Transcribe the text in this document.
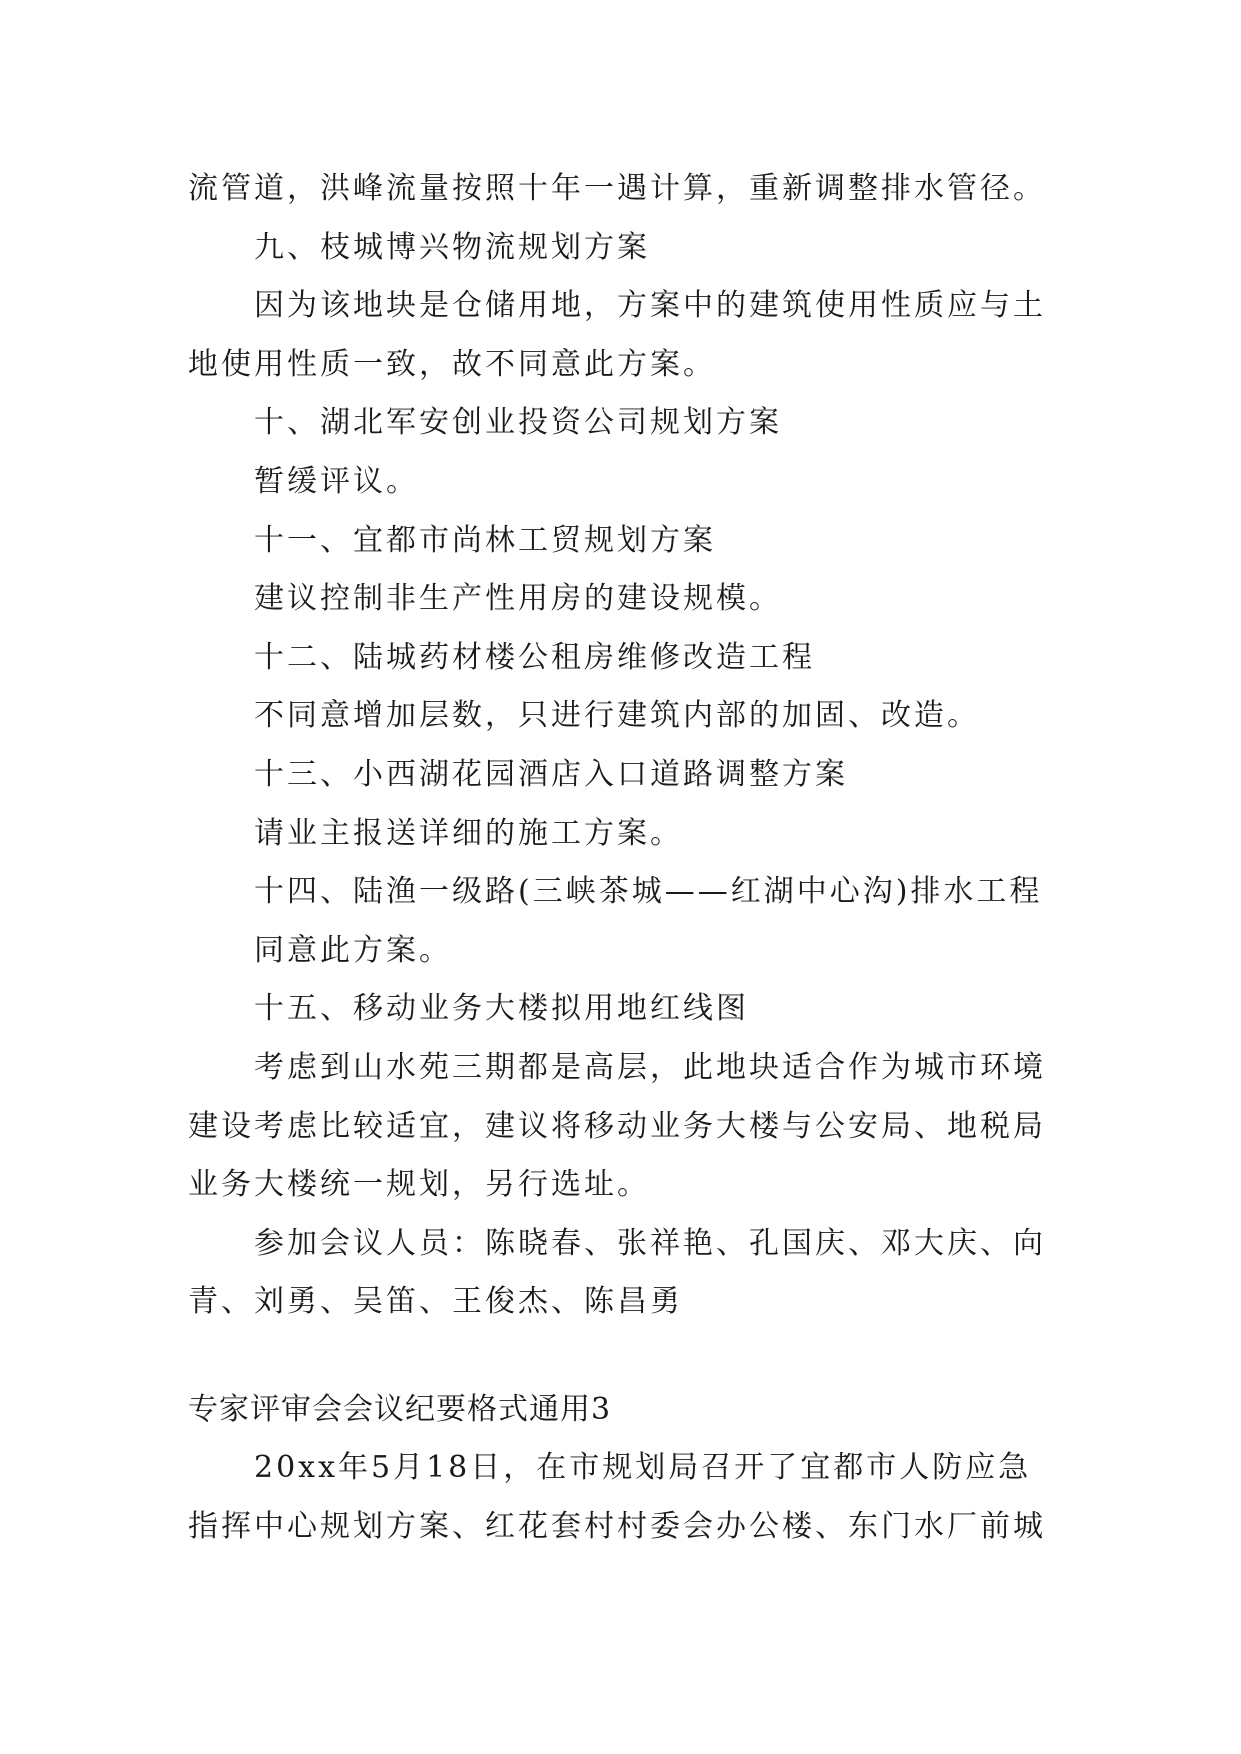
流管道，洪峰流量按照十年一遇计算，重新调整排水管径。
九、枝城博兴物流规划方案
因为该地块是仓储用地，方案中的建筑使用性质应与土
地使用性质一致，故不同意此方案。
十、湖北军安创业投资公司规划方案
暂缓评议。
十一、宜都市尚林工贸规划方案
建议控制非生产性用房的建设规模。
十二、陆城药材楼公租房维修改造工程
不同意增加层数，只进行建筑内部的加固、改造。
十三、小西湖花园酒店入口道路调整方案
请业主报送详细的施工方案。
十四、陆渔一级路(三峡茶城——红湖中心沟)排水工程
同意此方案。
十五、移动业务大楼拟用地红线图
考虑到山水苑三期都是高层，此地块适合作为城市环境
建设考虑比较适宜，建议将移动业务大楼与公安局、地税局
业务大楼统一规划，另行选址。
参加会议人员：陈晓春、张祥艳、孔国庆、邓大庆、向
青、刘勇、吴笛、王俊杰、陈昌勇
专家评审会会议纪要格式通用3
20xx年5月18日，在市规划局召开了宜都市人防应急
指挥中心规划方案、红花套村村委会办公楼、东门水厂前城
